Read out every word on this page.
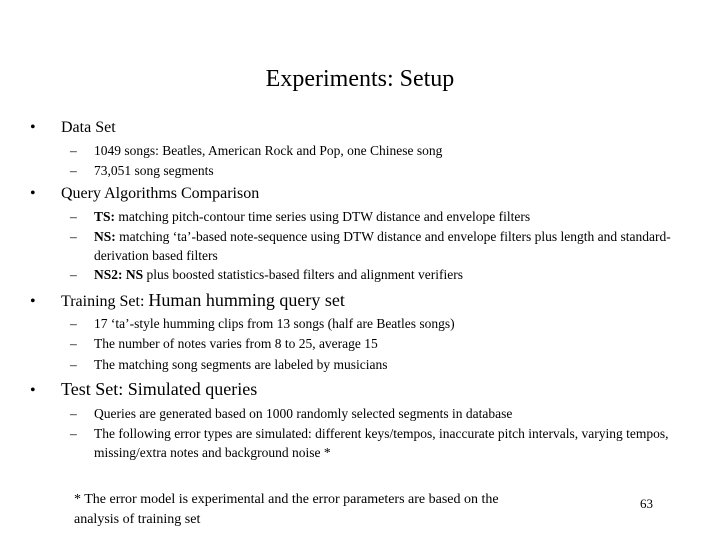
Experiments: Setup
• Data Set
– 1049 songs: Beatles, American Rock and Pop, one Chinese song
– 73,051 song segments
• Query Algorithms Comparison
– TS: matching pitch-contour time series using DTW distance and envelope filters
– NS: matching ‘ta’-based note-sequence using DTW distance and envelope filters plus length and standard-derivation based filters
– NS2: NS plus boosted statistics-based filters and alignment verifiers
• Training Set: Human humming query set
– 17 ‘ta’-style humming clips from 13 songs (half are Beatles songs)
– The number of notes varies from 8 to 25, average 15
– The matching song segments are labeled by musicians
• Test Set: Simulated queries
– Queries are generated based on 1000 randomly selected segments in database
– The following error types are simulated: different keys/tempos, inaccurate pitch intervals, varying tempos, missing/extra notes and background noise *
* The error model is experimental and the error parameters are based on the analysis of training set
63
